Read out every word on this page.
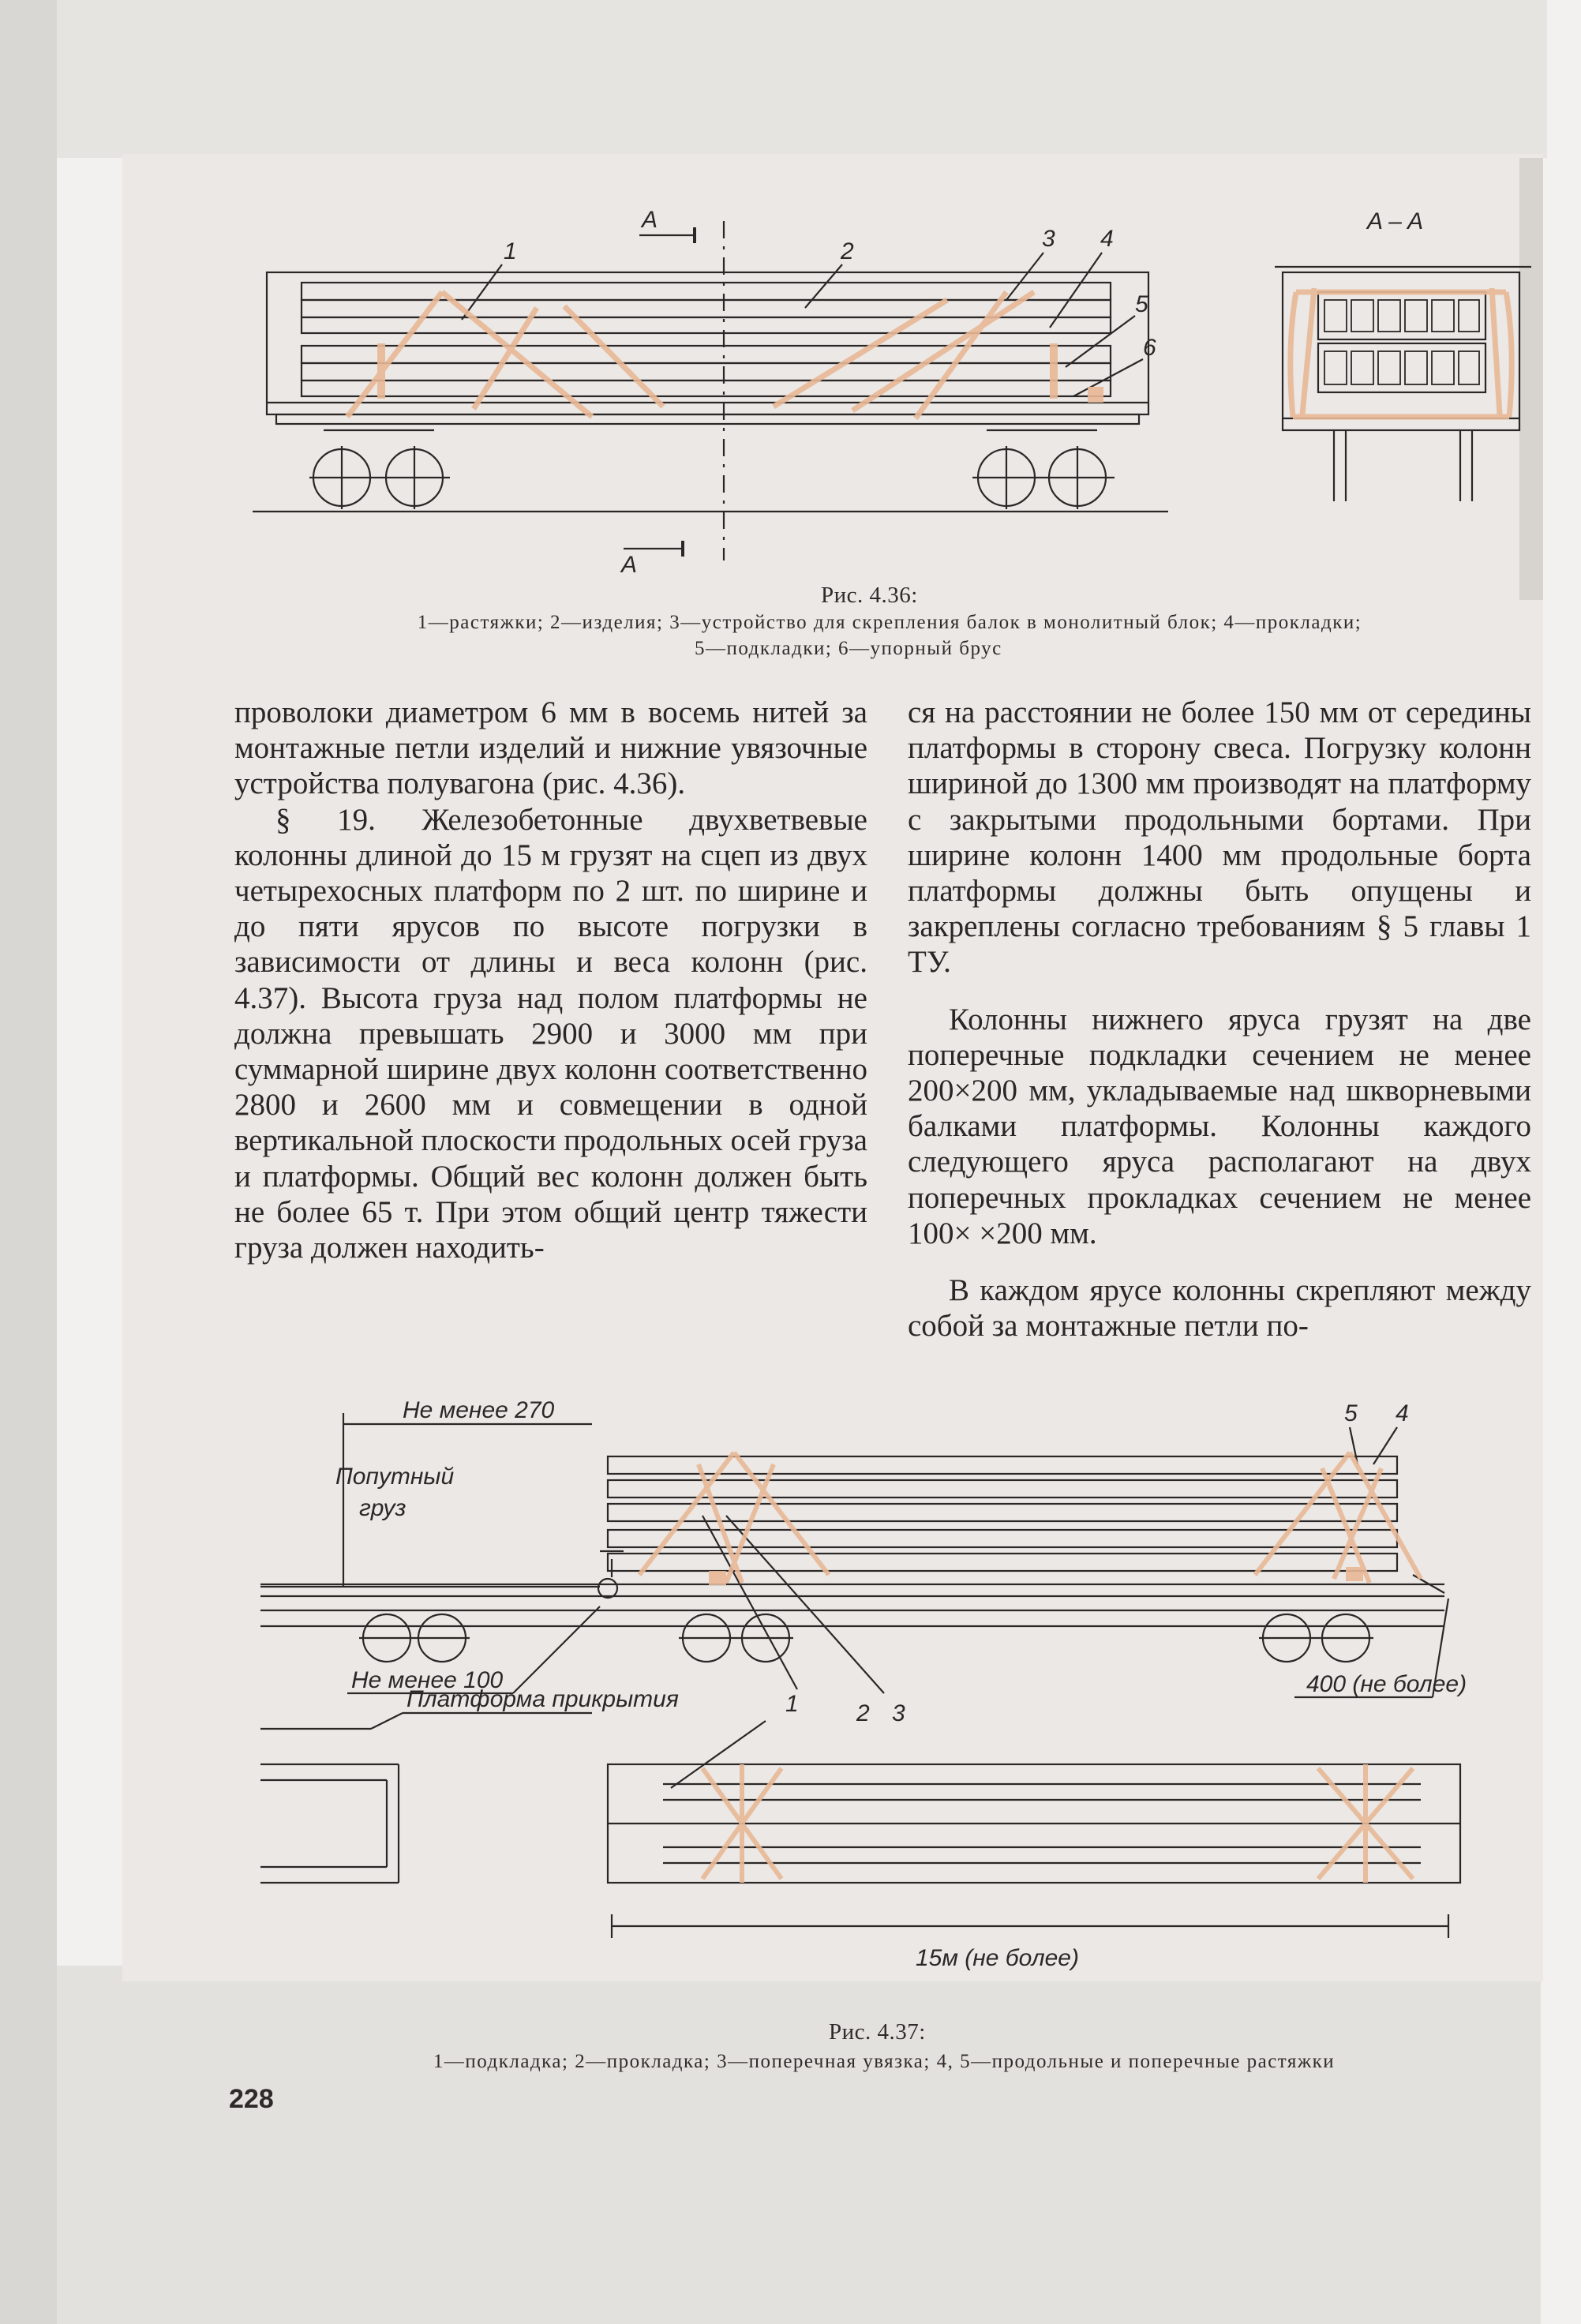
1
A
2	3 4
5
6
A
A – A
Рис. 4.36:
1—растяжки; 2—изделия; 3—устройство для скрепления балок в монолитный блок; 4—прокладки;
5—подкладки; 6—упорный брус

проволоки диаметром 6 мм в восемь нитей за монтажные петли изделий и нижние увязочные устройства полувагона (рис. 4.36).

§ 19. Железобетонные двухветвевые колонны длиной до 15 м грузят на сцеп из двух четырехосных платформ по 2 шт. по ширине и до пяти ярусов по высоте погрузки в зависимости от длины и веса колонн (рис. 4.37). Высота груза над полом платформы не должна превышать 2900 и 3000 мм при суммарной ширине двух колонн соответственно 2800 и 2600 мм и совмещении в одной вертикальной плоскости продольных осей груза и платформы. Общий вес колонн должен быть не более 65 т. При этом общий центр тяжести груза должен находить-

ся на расстоянии не более 150 мм от середины платформы в сторону свеса. Погрузку колонн шириной до 1300 мм производят на платформу с закрытыми продольными бортами. При ширине колонн 1400 мм продольные борта платформы должны быть опущены и закреплены согласно требованиям § 5 главы 1 ТУ.

Колонны нижнего яруса грузят на две поперечные подкладки сечением не менее 200×200 мм, укладываемые над шкворневыми балками платформы. Колонны каждого следующего яруса располагают на двух поперечных прокладках сечением не менее 100× ×200 мм.

В каждом ярусе колонны скрепляют между собой за монтажные петли по-

Не менее 270
Попутный
груз
Не менее 100	400 (не более)
Платформа прикрытия
15м (не более)
1 2 3
5 4
Рис. 4.37:
1—подкладка; 2—прокладка; 3—поперечная увязка; 4, 5—продольные и поперечные растяжки
228
